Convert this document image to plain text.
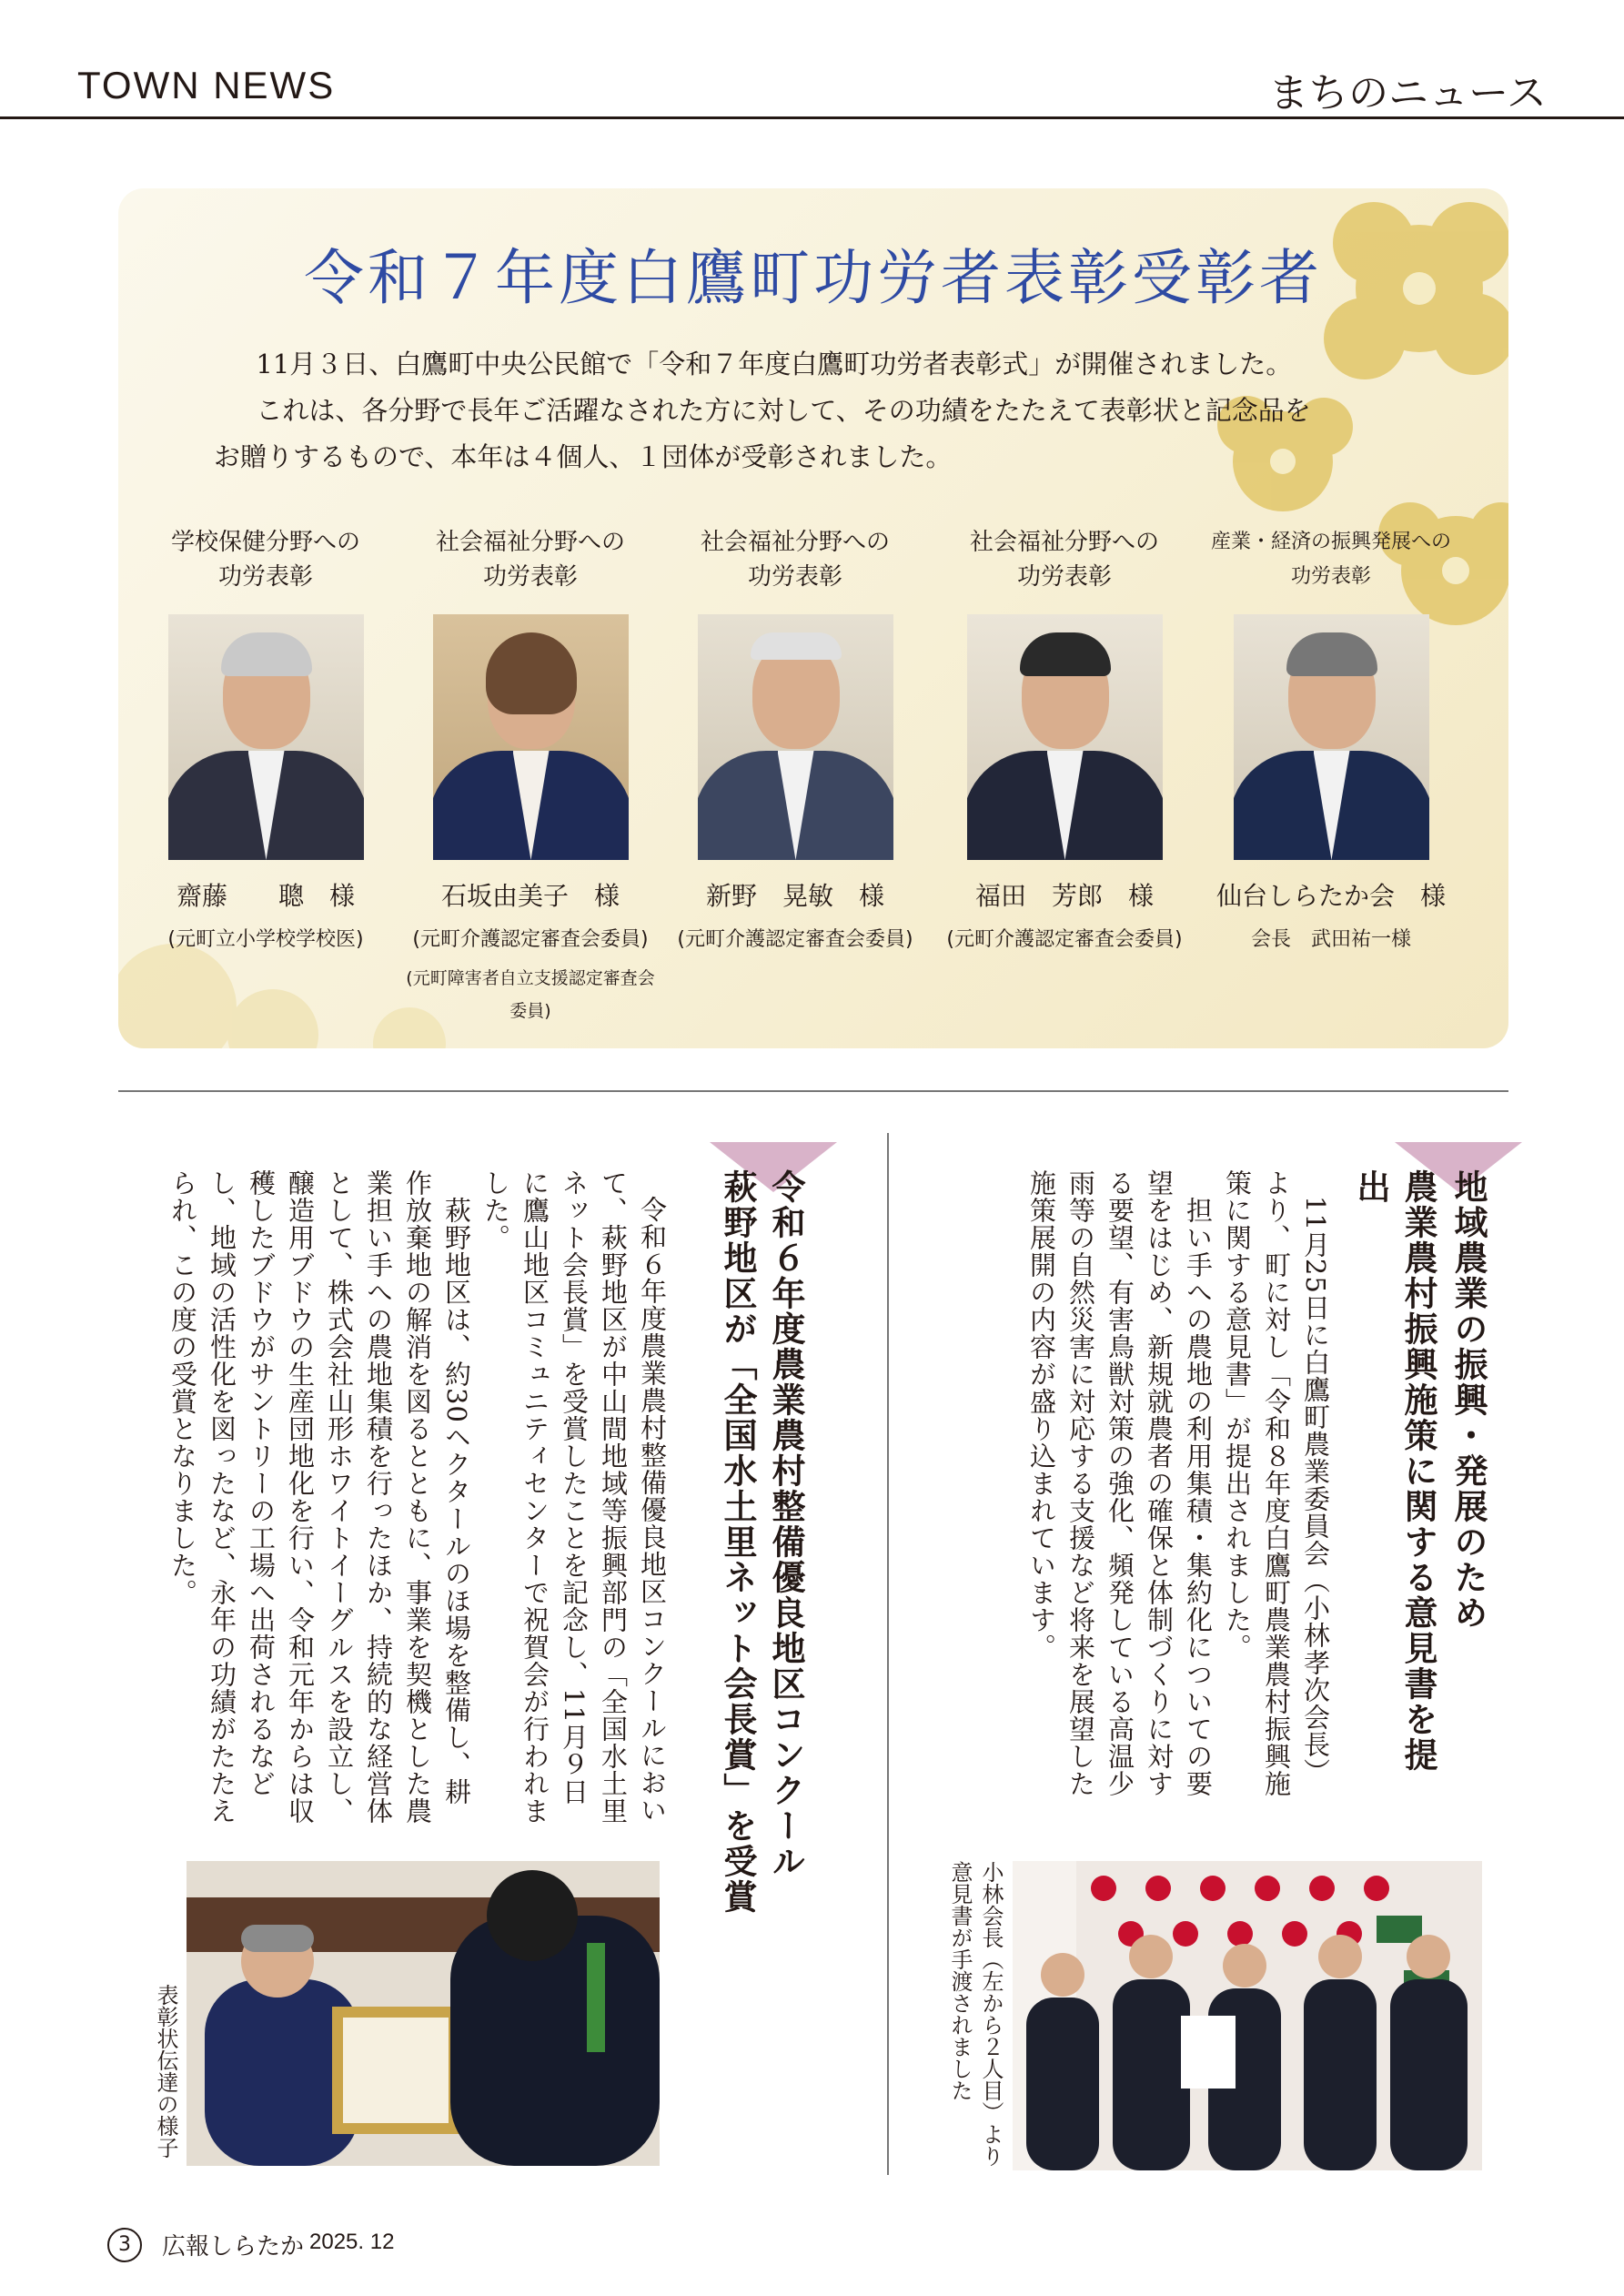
TOWN NEWS	まちのニュース
令和７年度白鷹町功労者表彰受彰者

11月３日、白鷹町中央公民館で「令和７年度白鷹町功労者表彰式」が開催されました。

これは、各分野で長年ご活躍なされた方に対して、その功績をたたえて表彰状と記念品を

お贈りするもので、本年は４個人、１団体が受彰されました。

学校保健分野への
功労表彰
齋藤　　聰　様
(元町立小学校学校医)
社会福祉分野への
功労表彰
石坂由美子　様
(元町介護認定審査会委員)
(元町障害者自立支援認定審査会委員)
社会福祉分野への
功労表彰
新野　晃敏　様
(元町介護認定審査会委員)
社会福祉分野への
功労表彰
福田　芳郎　様
(元町介護認定審査会委員)
産業・経済の振興発展への
功労表彰
仙台しらたか会　様
会長　武田祐一様
地域農業の振興・発展のため
農業農村振興施策に関する意見書を提出
11月25日に白鷹町農業委員会（小林孝次会長）より、町に対し「令和８年度白鷹町農業農村振興施策に関する意見書」が提出されました。
　担い手への農地の利用集積・集約化についての要望をはじめ、新規就農者の確保と体制づくりに対する要望、有害鳥獣対策の強化、頻発している高温少雨等の自然災害に対応する支援など将来を展望した施策展開の内容が盛り込まれています。
小林会長（左から２人目）より意見書が手渡されました
令和６年度農業農村整備優良地区コンクール
萩野地区が「全国水土里ネット会長賞」を受賞
令和６年度農業農村整備優良地区コンクールにおいて、萩野地区が中山間地域等振興部門の「全国水土里ネット会長賞」を受賞したことを記念し、11月９日に鷹山地区コミュニティセンターで祝賀会が行われました。
　萩野地区は、約30ヘクタールのほ場を整備し、耕作放棄地の解消を図るとともに、事業を契機とした農業担い手への農地集積を行ったほか、持続的な経営体として、株式会社山形ホワイトイーグルスを設立し、醸造用ブドウの生産団地化を行い、令和元年からは収穫したブドウがサントリーの工場へ出荷されるなどし、地域の活性化を図ったなど、永年の功績がたたえられ、この度の受賞となりました。
表彰状伝達の様子
3	広報しらたか 2025. 12
